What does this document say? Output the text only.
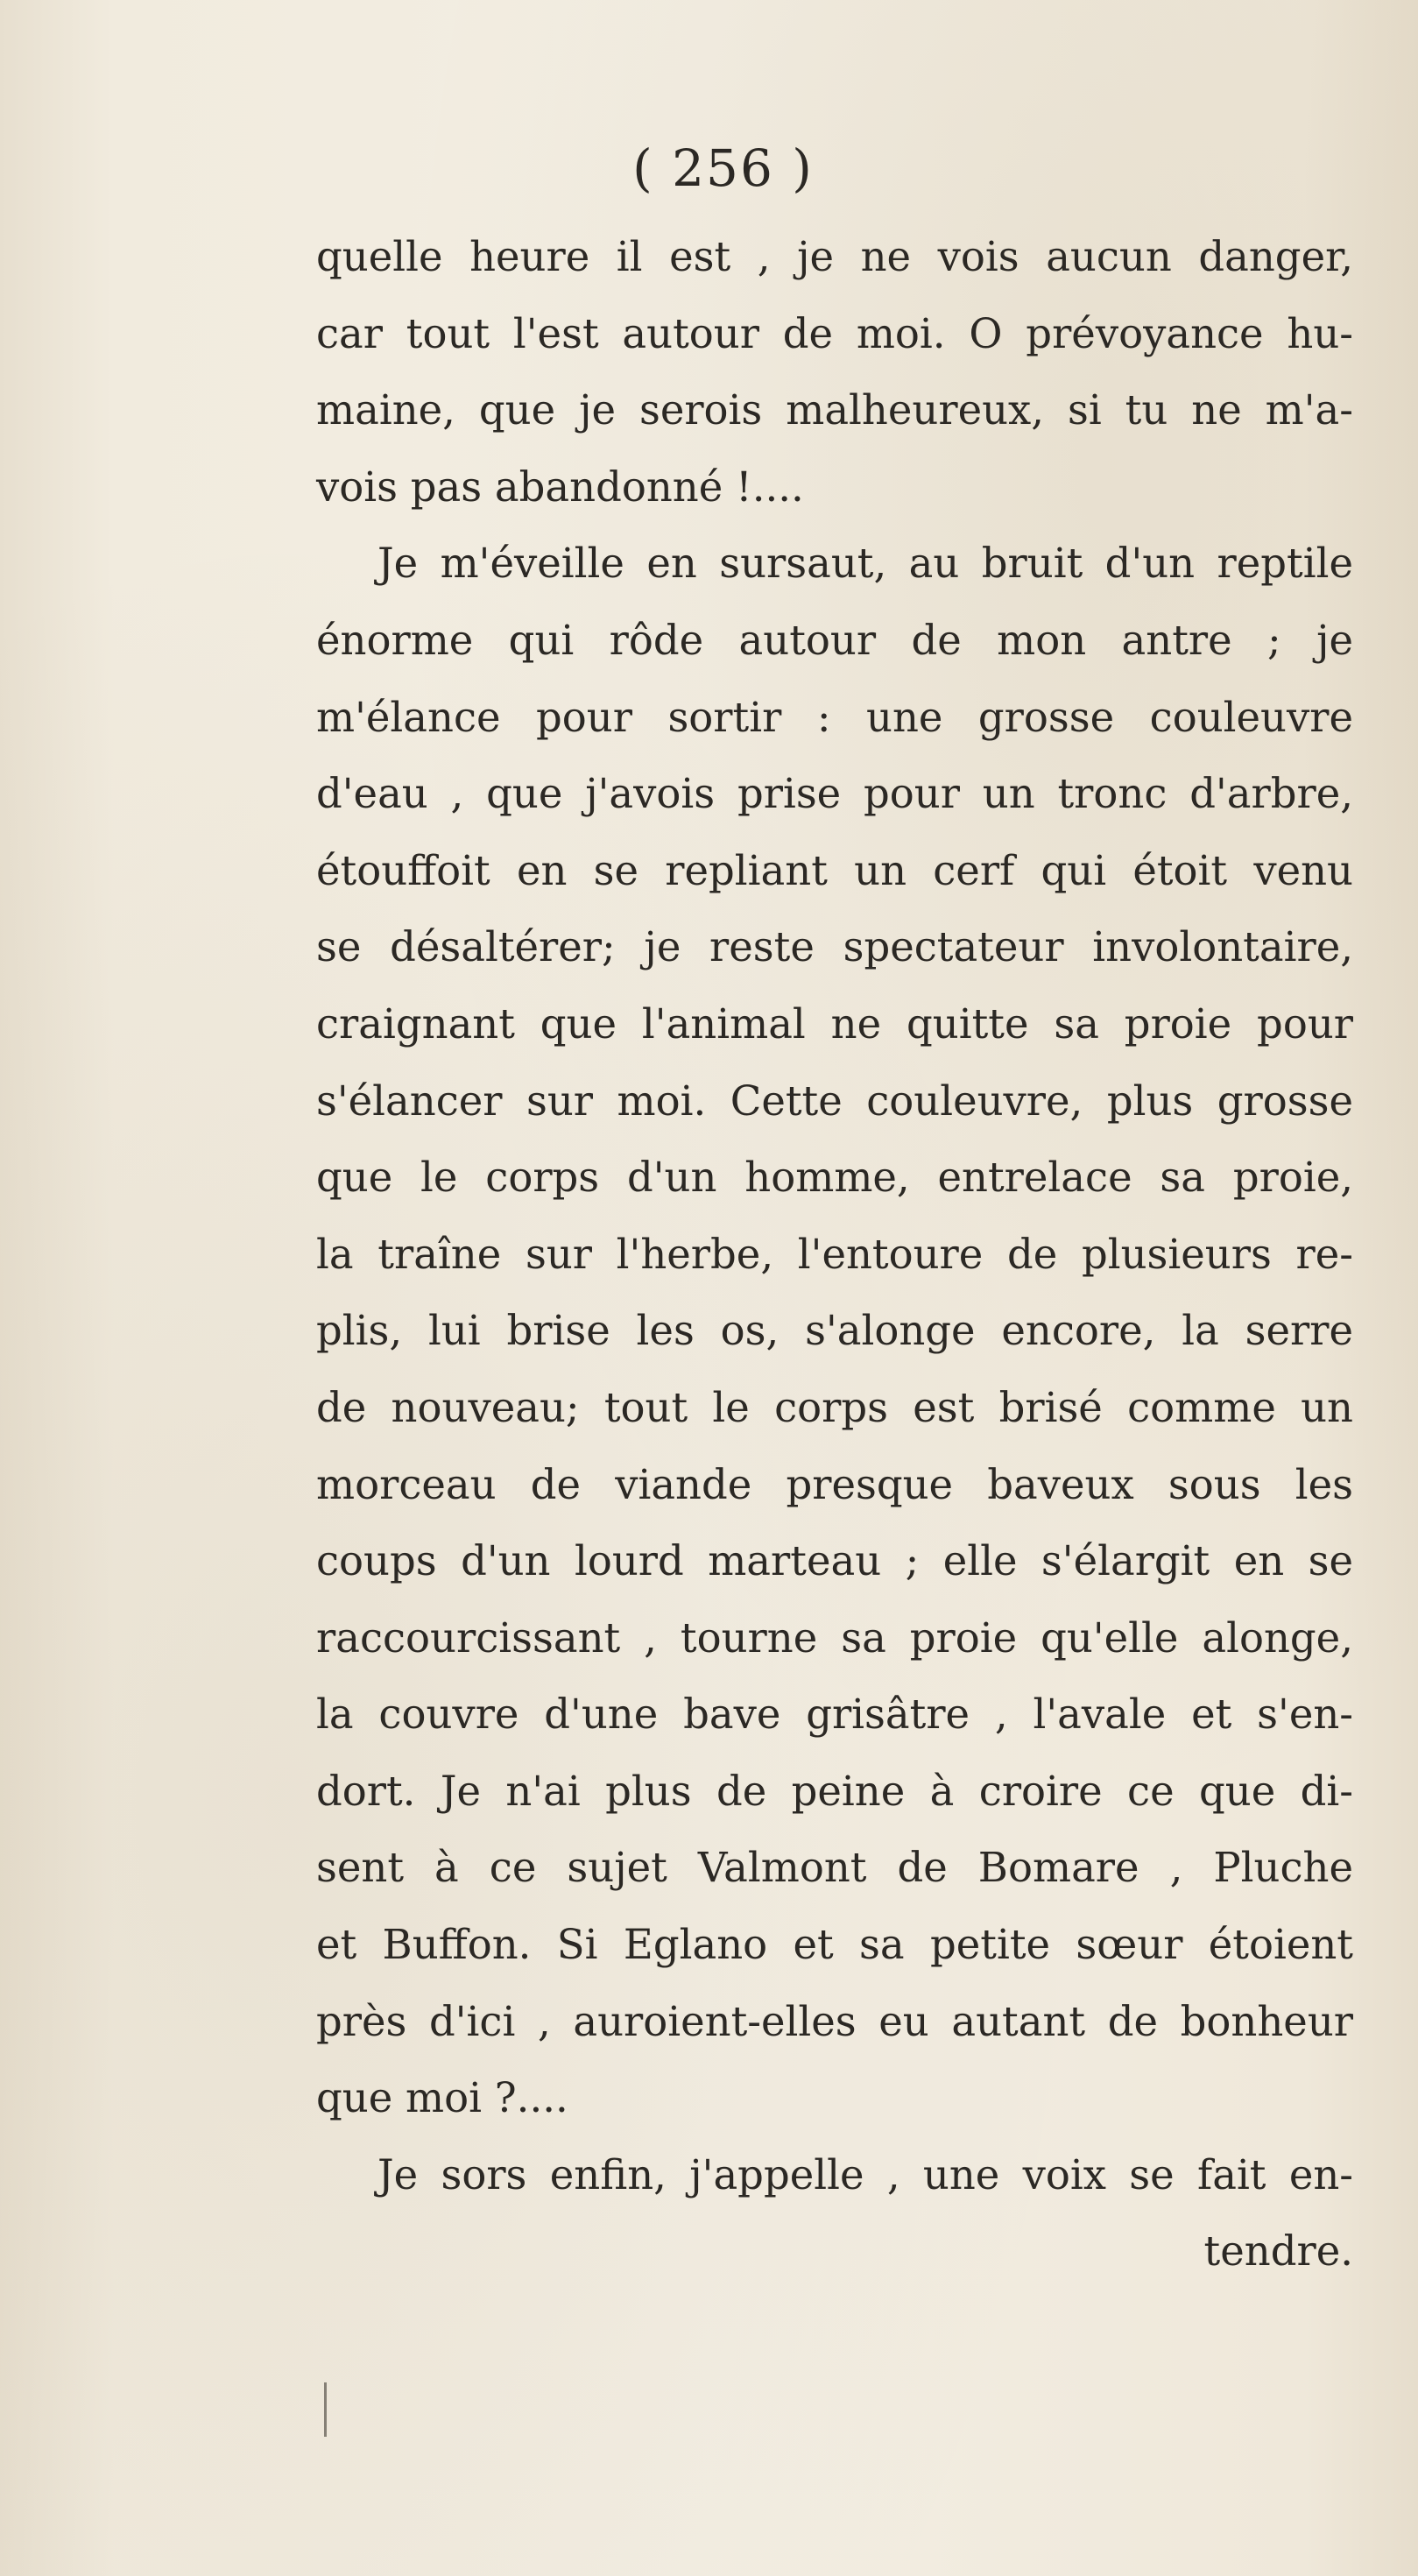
( 256 )
quelle heure il est , je ne vois aucun danger,
car tout l'est autour de moi. O prévoyance hu-
maine, que je serois malheureux, si tu ne m'a-
vois pas abandonné !....
Je m'éveille en sursaut, au bruit d'un reptile
énorme qui rôde autour de mon antre ; je
m'élance pour sortir : une grosse couleuvre
d'eau , que j'avois prise pour un tronc d'arbre,
étouffoit en se repliant un cerf qui étoit venu
se désaltérer; je reste spectateur involontaire,
craignant que l'animal ne quitte sa proie pour
s'élancer sur moi. Cette couleuvre, plus grosse
que le corps d'un homme, entrelace sa proie,
la traîne sur l'herbe, l'entoure de plusieurs re-
plis, lui brise les os, s'alonge encore, la serre
de nouveau; tout le corps est brisé comme un
morceau de viande presque baveux sous les
coups d'un lourd marteau ; elle s'élargit en se
raccourcissant , tourne sa proie qu'elle alonge,
la couvre d'une bave grisâtre , l'avale et s'en-
dort. Je n'ai plus de peine à croire ce que di-
sent à ce sujet Valmont de Bomare , Pluche
et Buffon. Si Eglano et sa petite sœur étoient
près d'ici , auroient-elles eu autant de bonheur
que moi ?....
Je sors enfin, j'appelle , une voix se fait en-
tendre.
